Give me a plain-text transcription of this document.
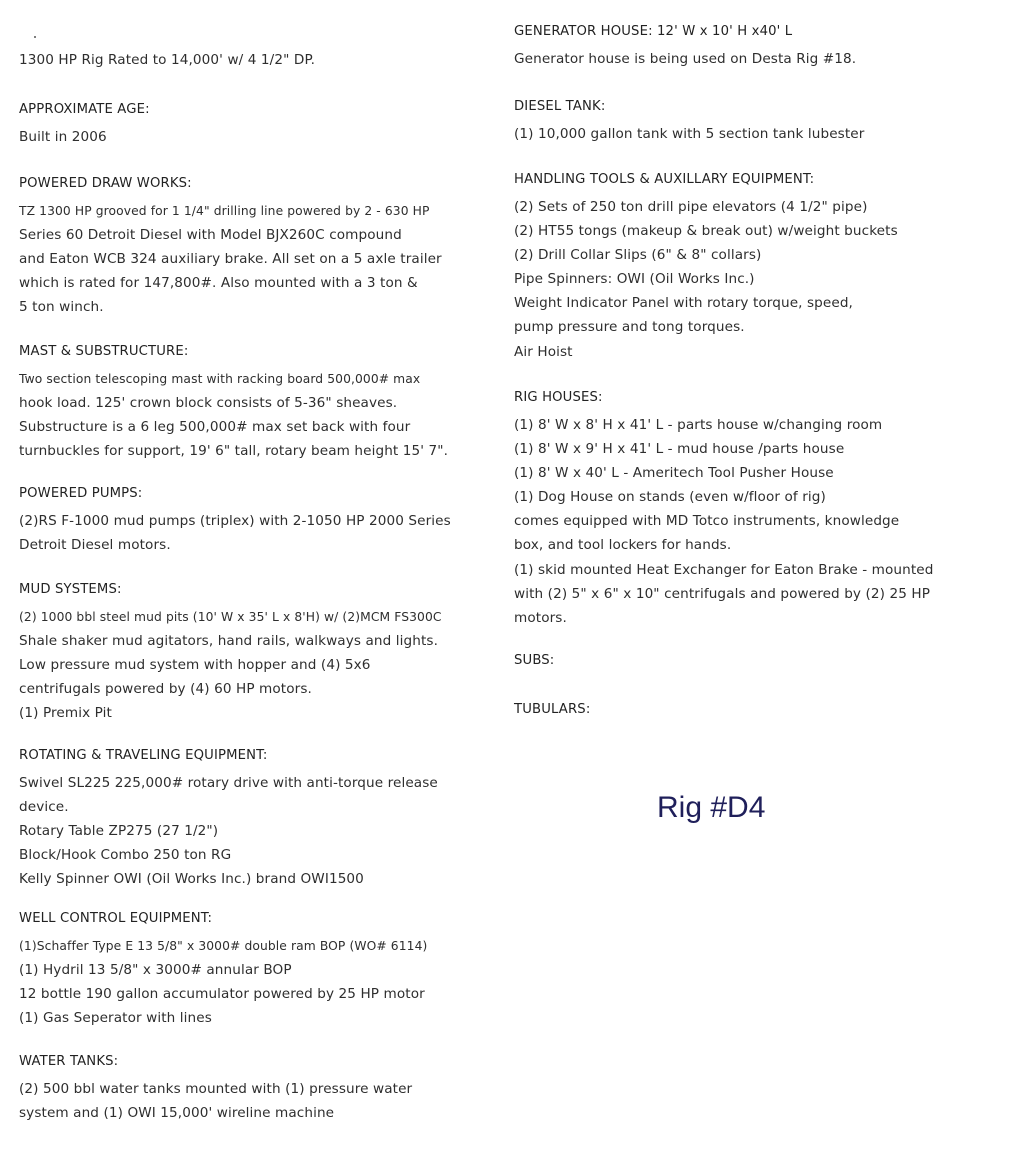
1300 HP Rig Rated to 14,000' w/ 4 1/2" DP.
APPROXIMATE AGE:
Built in 2006
POWERED DRAW WORKS:
TZ 1300 HP grooved for 1 1/4" drilling line powered by 2 - 630 HP
Series 60 Detroit Diesel with Model BJX260C compound
and Eaton WCB 324 auxiliary brake. All set on a 5 axle trailer
which is rated for 147,800#. Also mounted with a 3 ton &
5 ton winch.
MAST & SUBSTRUCTURE:
Two section telescoping mast with racking board 500,000# max
hook load. 125' crown block consists of 5-36" sheaves.
Substructure is a 6 leg 500,000# max set back with four
turnbuckles for support, 19' 6" tall, rotary beam height 15' 7".
POWERED PUMPS:
(2)RS F-1000 mud pumps (triplex) with 2-1050 HP 2000 Series
Detroit Diesel motors.
MUD SYSTEMS:
(2) 1000 bbl steel mud pits (10' W x 35' L x 8'H) w/ (2)MCM FS300C
Shale shaker mud agitators, hand rails, walkways and lights.
Low pressure mud system with hopper and (4) 5x6
centrifugals powered by (4) 60 HP motors.
(1) Premix Pit
ROTATING & TRAVELING EQUIPMENT:
Swivel SL225 225,000# rotary drive with anti-torque release
device.
Rotary Table ZP275 (27 1/2")
Block/Hook Combo 250 ton RG
Kelly Spinner OWI (Oil Works Inc.) brand OWI1500
WELL CONTROL EQUIPMENT:
(1)Schaffer Type E 13 5/8" x 3000# double ram BOP (WO# 6114)
(1) Hydril 13 5/8" x 3000# annular BOP
12 bottle 190 gallon accumulator powered by 25 HP motor
(1) Gas Seperator with lines
WATER TANKS:
(2) 500 bbl water tanks mounted with (1) pressure water
system and (1) OWI 15,000' wireline machine
GENERATOR HOUSE: 12' W x 10' H x40' L
Generator house is being used on Desta Rig #18.
DIESEL TANK:
(1) 10,000 gallon tank with 5 section tank lubester
HANDLING TOOLS & AUXILLARY EQUIPMENT:
(2) Sets of 250 ton drill pipe elevators (4 1/2" pipe)
(2) HT55 tongs (makeup & break out) w/weight buckets
(2) Drill Collar Slips (6" & 8" collars)
Pipe Spinners: OWI (Oil Works Inc.)
Weight Indicator Panel with rotary torque, speed,
pump pressure and tong torques.
Air Hoist
RIG HOUSES:
(1) 8' W x 8' H x 41' L - parts house w/changing room
(1) 8' W x 9' H x 41' L - mud house /parts house
(1) 8' W x 40' L - Ameritech Tool Pusher House
(1) Dog House on stands (even w/floor of rig)
comes equipped with MD Totco instruments, knowledge
box, and tool lockers for hands.
(1) skid mounted Heat Exchanger for Eaton Brake - mounted
with (2) 5" x 6" x 10" centrifugals and powered by (2) 25 HP
motors.
SUBS:
TUBULARS:
Rig #D4
